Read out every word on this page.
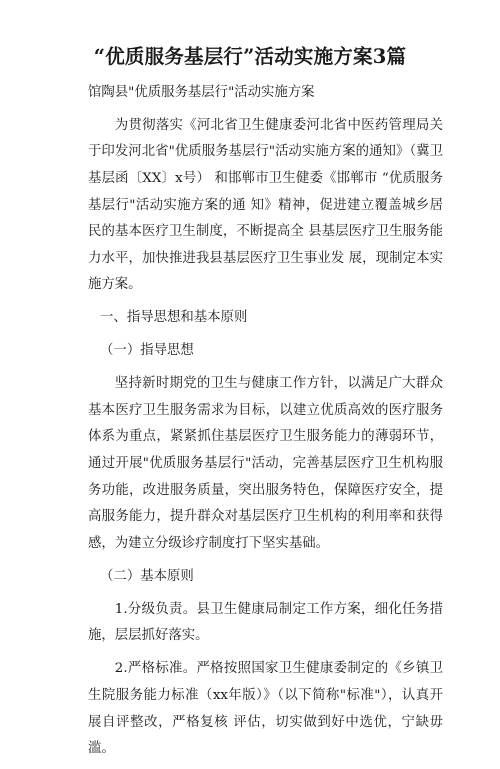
“优质服务基层行”活动实施方案3篇

馆陶县"优质服务基层行"活动实施方案

为贯彻落实《河北省卫生健康委河北省中医药管理局关于印发河北省"优质服务基层行"活动实施方案的通知》（冀卫基层函〔XX〕x号） 和邯郸市卫生健委《邯郸市 “优质服务基层行"活动实施方案的通 知》精神，促进建立覆盖城乡居民的基本医疗卫生制度，不断提高全 县基层医疗卫生服务能力水平，加快推进我县基层医疗卫生事业发 展，现制定本实施方案。

一、指导思想和基本原则

（一）指导思想

坚持新时期党的卫生与健康工作方针，以满足广大群众基本医疗卫生服务需求为目标，以建立优质高效的医疗服务体系为重点，紧紧抓住基层医疗卫生服务能力的薄弱环节，通过开展"优质服务基层行"活动，完善基层医疗卫生机构服务功能，改进服务质量，突出服务特色，保障医疗安全，提高服务能力，提升群众对基层医疗卫生机构的利用率和获得感，为建立分级诊疗制度打下坚实基础。

（二）基本原则

1.分级负责。县卫生健康局制定工作方案，细化任务措施，层层抓好落实。

2.严格标准。严格按照国家卫生健康委制定的《乡镇卫生院服务能力标准（xx年版）》（以下简称"标准"），认真开展自评整改，严格复核 评估，切实做到好中选优，宁缺毋滥。
